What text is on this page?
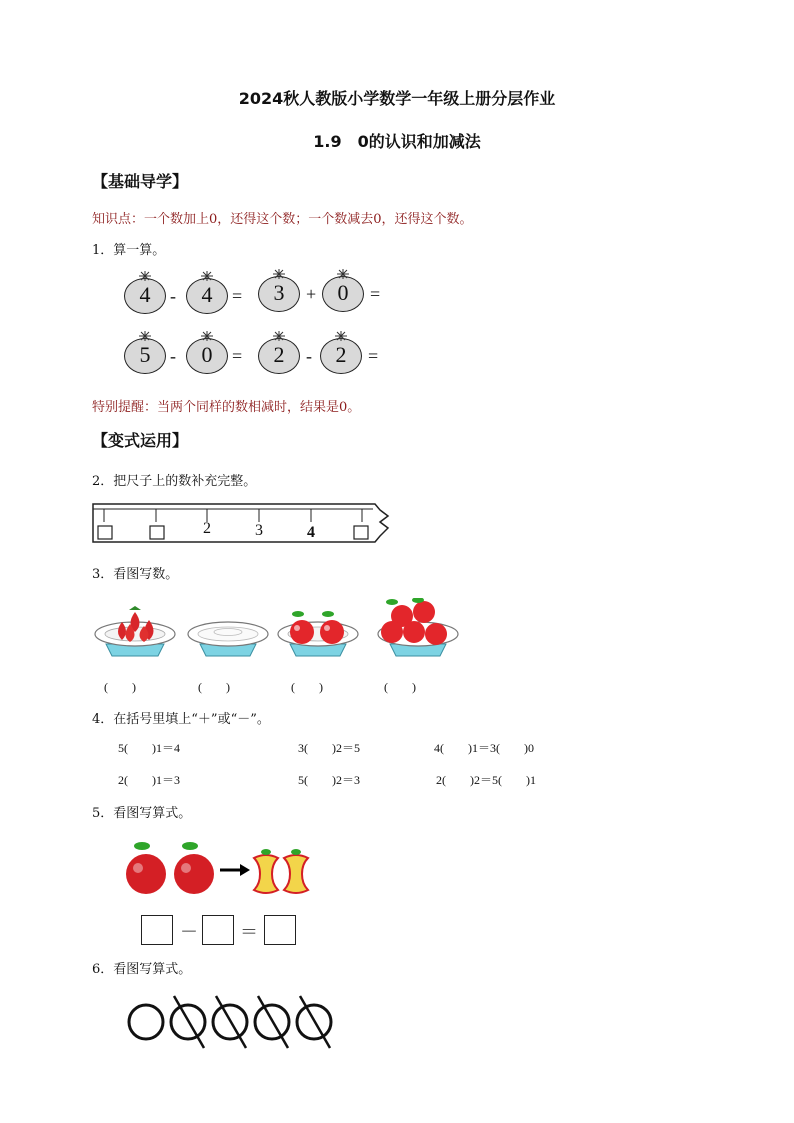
2024秋人教版小学数学一年级上册分层作业
1.9　0的认识和加减法
【基础导学】
知识点：一个数加上0，还得这个数；一个数减去0，还得这个数。
1．算一算。
4	-	4	=	3	+ 0	=
5	-	0	=	2	-	2	=
特别提醒：当两个同样的数相减时，结果是0。
【变式运用】
2．把尺子上的数补充完整。
2	3	4
3．看图写数。
(　　)	(　　)	(　　)	(　　)
4．在括号里填上“＋”或“－”。
5(　　)1＝4	3(　　)2＝5	4(　　)1＝3(　　)0
2(　　)1＝3	5(　　)2＝3	2(　　)2＝5(　　)1
5．看图写算式。
－ ＝
6．看图写算式。
